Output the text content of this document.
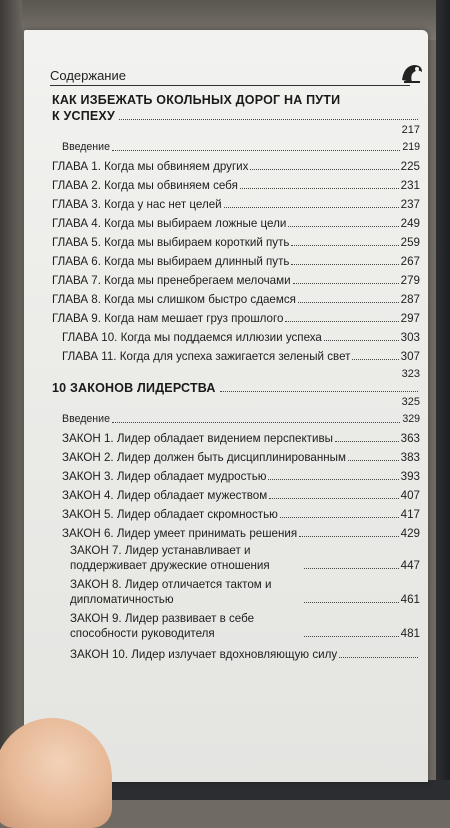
Содержание
КАК ИЗБЕЖАТЬ ОКОЛЬНЫХ ДОРОГ НА ПУТИ
К УСПЕХУ
217
Введение	219
ГЛАВА 1. Когда мы обвиняем других	225
ГЛАВА 2. Когда мы обвиняем себя	231
ГЛАВА 3. Когда у нас нет целей	237
ГЛАВА 4. Когда мы выбираем ложные цели	249
ГЛАВА 5. Когда мы выбираем короткий путь	259
ГЛАВА 6. Когда мы выбираем длинный путь	267
ГЛАВА 7. Когда мы пренебрегаем мелочами	279
ГЛАВА 8. Когда мы слишком быстро сдаемся	287
ГЛАВА 9. Когда нам мешает груз прошлого	297
ГЛАВА 10. Когда мы поддаемся иллюзии успеха	303
ГЛАВА 11. Когда для успеха зажигается зеленый свет	307
10 ЗАКОНОВ ЛИДЕРСТВА
323
325
Введение	329
ЗАКОН 1. Лидер обладает видением перспективы	363
ЗАКОН 2. Лидер должен быть дисциплинированным	383
ЗАКОН 3. Лидер обладает мудростью	393
ЗАКОН 4. Лидер обладает мужеством	407
ЗАКОН 5. Лидер обладает скромностью	417
ЗАКОН 6. Лидер умеет принимать решения	429
ЗАКОН 7. Лидер устанавливает и поддерживает дружеские отношения	447
ЗАКОН 8. Лидер отличается тактом и дипломатичностью	461
ЗАКОН 9. Лидер развивает в себе способности руководителя	481
ЗАКОН 10. Лидер излучает вдохновляющую силу
